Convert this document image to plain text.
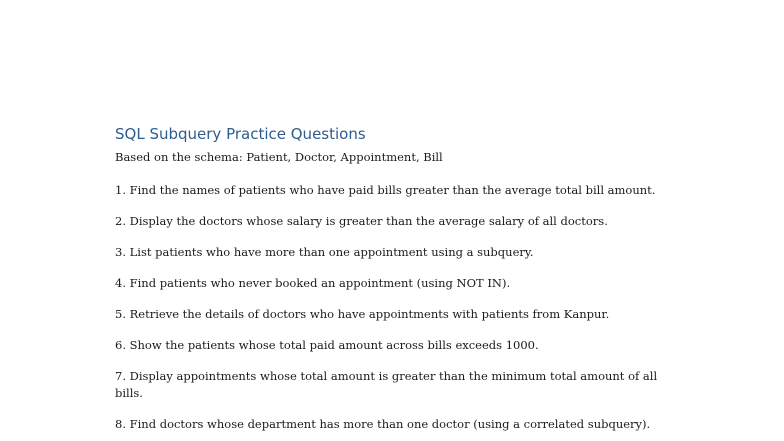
SQL Subquery Practice Questions

Based on the schema: Patient, Doctor, Appointment, Bill

1. Find the names of patients who have paid bills greater than the average total bill amount.
2. Display the doctors whose salary is greater than the average salary of all doctors.
3. List patients who have more than one appointment using a subquery.
4. Find patients who never booked an appointment (using NOT IN).
5. Retrieve the details of doctors who have appointments with patients from Kanpur.
6. Show the patients whose total paid amount across bills exceeds 1000.
7. Display appointments whose total amount is greater than the minimum total amount of all bills.
8. Find doctors whose department has more than one doctor (using a correlated subquery).
